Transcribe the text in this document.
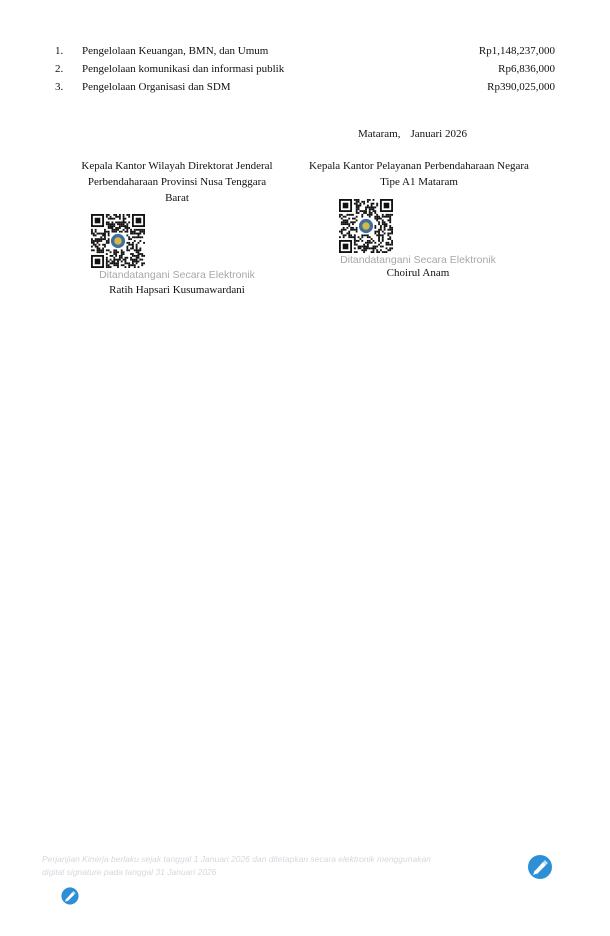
1. Pengelolaan Keuangan, BMN, dan Umum	Rp1,148,237,000
2. Pengelolaan komunikasi dan informasi publik	Rp6,836,000
3. Pengelolaan Organisasi dan SDM	Rp390,025,000
Mataram, Januari 2026
Kepala Kantor Wilayah Direktorat Jenderal
Perbendaharaan Provinsi Nusa Tenggara
Barat
Ditandatangani Secara Elektronik
Ratih Hapsari Kusumawardani
Kepala Kantor Pelayanan Perbendaharaan Negara
Tipe A1 Mataram
Ditandatangani Secara Elektronik
Choirul Anam
Perjanjian Kinerja berlaku sejak tanggal 1 Januari 2026 dan ditetapkan secara elektronik menggunakan
digital signature pada tanggal 31 Januari 2026
